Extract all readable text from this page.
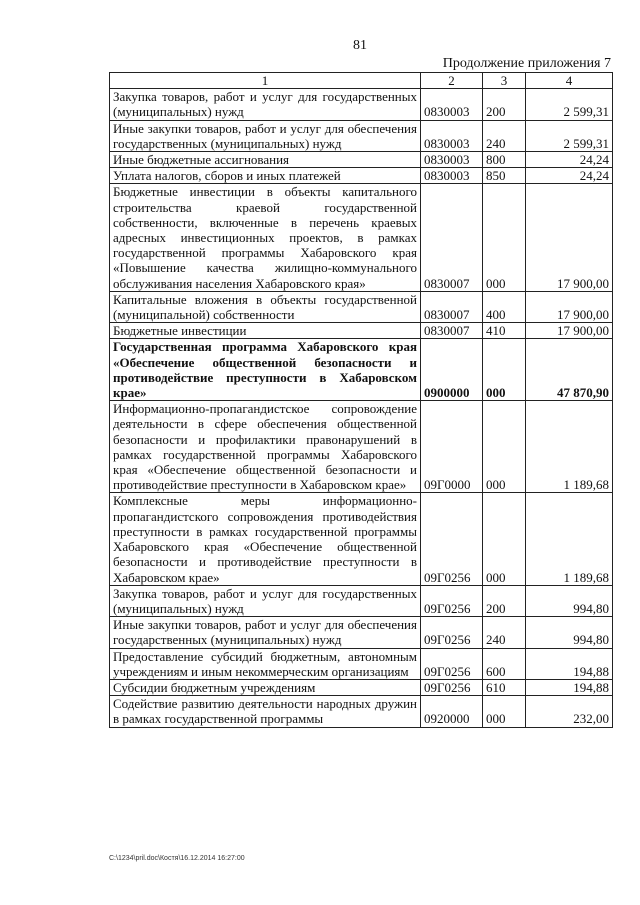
81
Продолжение приложения 7
1	2	3	4
Закупка товаров, работ и услуг для государственных (муниципальных) нужд	0830003	200	2 599,31
Иные закупки товаров, работ и услуг для обеспечения государственных (муниципальных) нужд	0830003	240	2 599,31
Иные бюджетные ассигнования	0830003	800	24,24
Уплата налогов, сборов и иных платежей	0830003	850	24,24
Бюджетные инвестиции в объекты капитального строительства краевой государственной собственности, включенные в перечень краевых адресных инвестиционных проектов, в рамках государственной программы Хабаровского края «Повышение качества жилищно-коммунального обслуживания населения Хабаровского края»	0830007	000	17 900,00
Капитальные вложения в объекты государственной (муниципальной) собственности	0830007	400	17 900,00
Бюджетные инвестиции	0830007	410	17 900,00
Государственная программа Хабаровского края «Обеспечение общественной безопасности и противодействие преступности в Хабаровском крае»	0900000	000	47 870,90
Информационно-пропагандистское сопровождение деятельности в сфере обеспечения общественной безопасности и профилактики правонарушений в рамках государственной программы Хабаровского края «Обеспечение общественной безопасности и противодействие преступности в Хабаровском крае»	09Г0000	000	1 189,68
Комплексные меры информационно-пропагандистского сопровождения противодействия преступности в рамках государственной программы Хабаровского края «Обеспечение общественной безопасности и противодействие преступности в Хабаровском крае»	09Г0256	000	1 189,68
Закупка товаров, работ и услуг для государственных (муниципальных) нужд	09Г0256	200	994,80
Иные закупки товаров, работ и услуг для обеспечения государственных (муниципальных) нужд	09Г0256	240	994,80
Предоставление субсидий бюджетным, автономным учреждениям и иным некоммерческим организациям	09Г0256	600	194,88
Субсидии бюджетным учреждениям	09Г0256	610	194,88
Содействие развитию деятельности народных дружин в рамках государственной программы	0920000	000	232,00
C:\1234\pril.doc\Костя\16.12.2014 16:27:00
